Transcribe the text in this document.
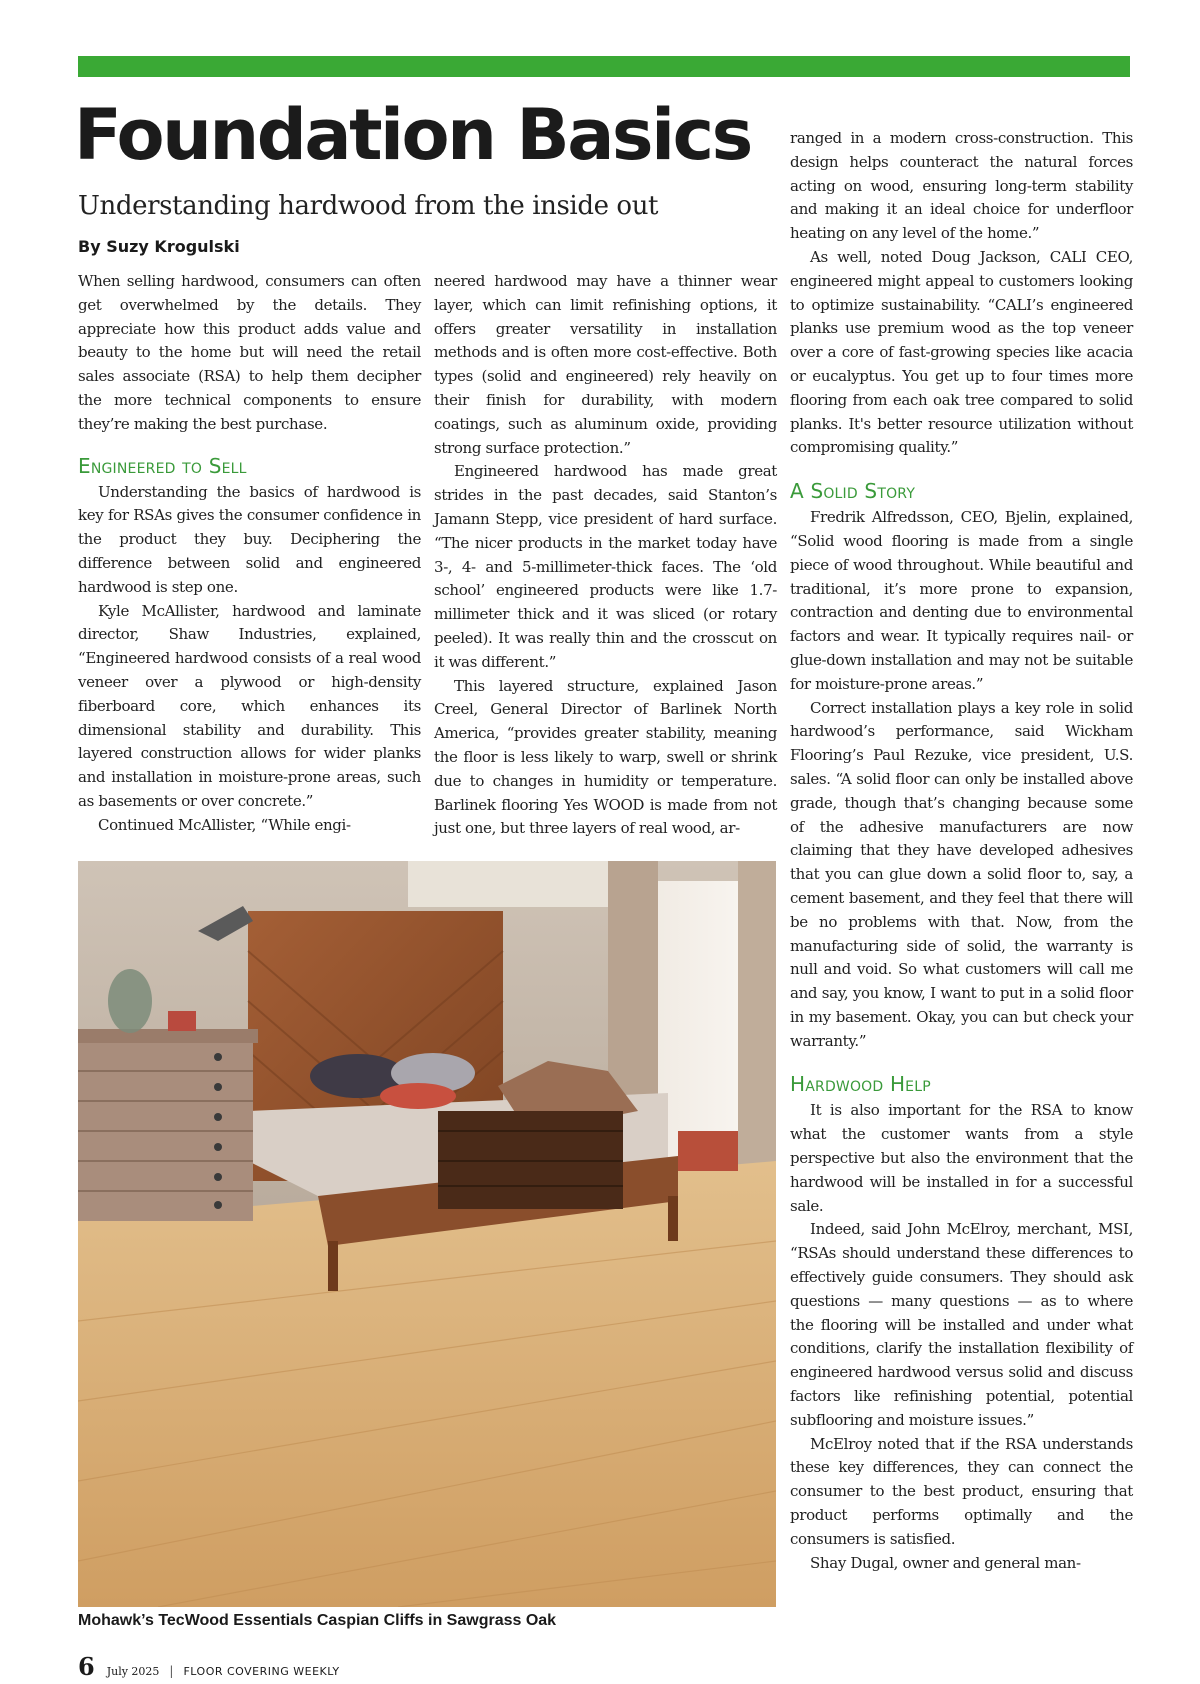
Foundation Basics
Understanding hardwood from the inside out
By Suzy Krogulski

When selling hardwood, consumers can often get overwhelmed by the details. They appreciate how this product adds value and beauty to the home but will need the retail sales associate (RSA) to help them decipher the more technical components to ensure they’re making the best purchase.

Engineered to Sell

Understanding the basics of hardwood is key for RSAs gives the consumer confidence in the product they buy. Deciphering the difference between solid and engineered hardwood is step one.

Kyle McAllister, hardwood and laminate director, Shaw Industries, explained, “Engineered hardwood consists of a real wood veneer over a plywood or high-density fiberboard core, which enhances its dimensional stability and durability. This layered construction allows for wider planks and installation in moisture-prone areas, such as basements or over concrete.”

Continued McAllister, “While engi-

neered hardwood may have a thinner wear layer, which can limit refinishing options, it offers greater versatility in installation methods and is often more cost-effective. Both types (solid and engineered) rely heavily on their finish for durability, with modern coatings, such as aluminum oxide, providing strong surface protection.”

Engineered hardwood has made great strides in the past decades, said Stanton’s Jamann Stepp, vice president of hard surface. “The nicer products in the market today have 3-, 4- and 5-millimeter-thick faces. The ‘old school’ engineered products were like 1.7-millimeter thick and it was sliced (or rotary peeled). It was really thin and the crosscut on it was different.”

This layered structure, explained Jason Creel, General Director of Barlinek North America, “provides greater stability, meaning the floor is less likely to warp, swell or shrink due to changes in humidity or temperature. Barlinek flooring Yes WOOD is made from not just one, but three layers of real wood, ar-

ranged in a modern cross-construction. This design helps counteract the natural forces acting on wood, ensuring long-term stability and making it an ideal choice for underfloor heating on any level of the home.”

As well, noted Doug Jackson, CALI CEO, engineered might appeal to customers looking to optimize sustainability. “CALI’s engineered planks use premium wood as the top veneer over a core of fast-growing species like acacia or eucalyptus. You get up to four times more flooring from each oak tree compared to solid planks. It's better resource utilization without compromising quality.”

A Solid Story

Fredrik Alfredsson, CEO, Bjelin, explained, “Solid wood flooring is made from a single piece of wood throughout. While beautiful and traditional, it’s more prone to expansion, contraction and denting due to environmental factors and wear. It typically requires nail- or glue-down installation and may not be suitable for moisture-prone areas.”

Correct installation plays a key role in solid hardwood’s performance, said Wickham Flooring’s Paul Rezuke, vice president, U.S. sales. “A solid floor can only be installed above grade, though that’s changing because some of the adhesive manufacturers are now claiming that they have developed adhesives that you can glue down a solid floor to, say, a cement basement, and they feel that there will be no problems with that. Now, from the manufacturing side of solid, the warranty is null and void. So what customers will call me and say, you know, I want to put in a solid floor in my basement. Okay, you can but check your warranty.”

Hardwood Help

It is also important for the RSA to know what the customer wants from a style perspective but also the environment that the hardwood will be installed in for a successful sale.

Indeed, said John McElroy, merchant, MSI, “RSAs should understand these differences to effectively guide consumers. They should ask questions — many questions — as to where the flooring will be installed and under what conditions, clarify the installation flexibility of engineered hardwood versus solid and discuss factors like refinishing potential, potential subflooring and moisture issues.”

McElroy noted that if the RSA understands these key differences, they can connect the consumer to the best product, ensuring that product performs optimally and the consumers is satisfied.

Shay Dugal, owner and general man-

Mohawk’s TecWood Essentials Caspian Cliffs in Sawgrass Oak
6 July 2025 | FLOOR COVERING WEEKLY
